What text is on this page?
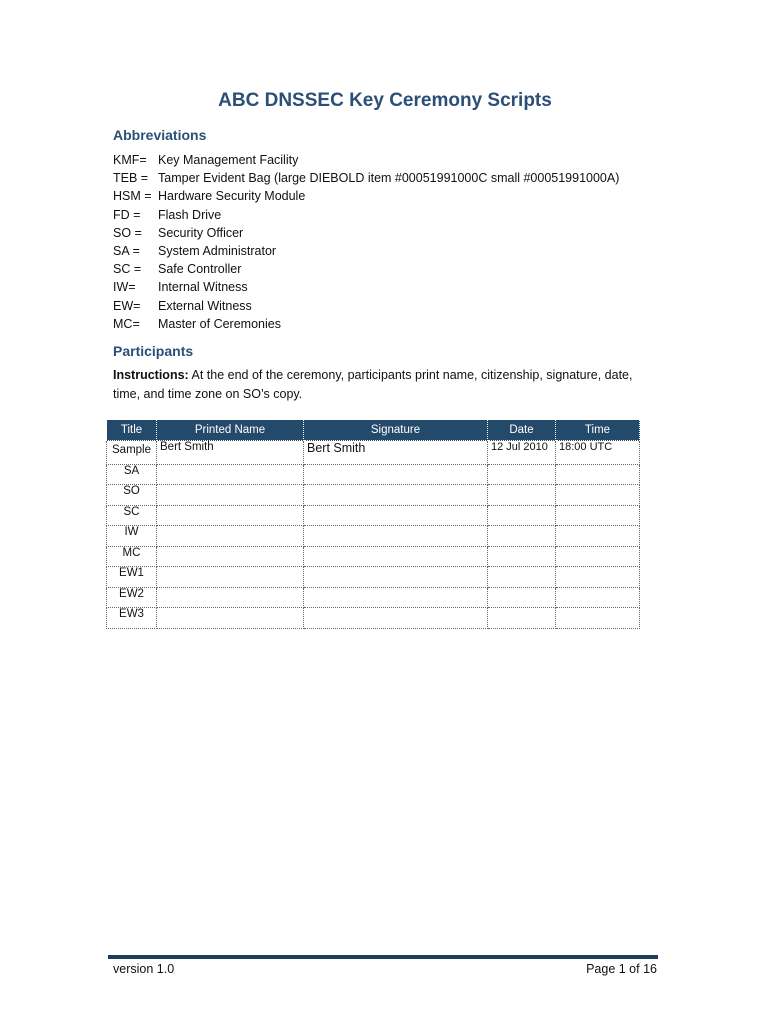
ABC DNSSEC Key Ceremony Scripts
Abbreviations
KMF= Key Management Facility
TEB = Tamper Evident Bag (large DIEBOLD item #00051991000C small #00051991000A)
HSM = Hardware Security Module
FD =	Flash Drive
SO =	Security Officer
SA =	System Administrator
SC =	Safe Controller
IW=	Internal Witness
EW=	External Witness
MC=	Master of Ceremonies
Participants
Instructions: At the end of the ceremony, participants print name, citizenship, signature, date, time, and time zone on SO’s copy.
Title	Printed Name	Signature	Date	Time
Sample	Bert Smith	Bert Smith	12 Jul 2010	18:00 UTC
SA				
SO				
SC				
IW				
MC				
EW1				
EW2				
EW3				
version 1.0	Page 1 of 16
